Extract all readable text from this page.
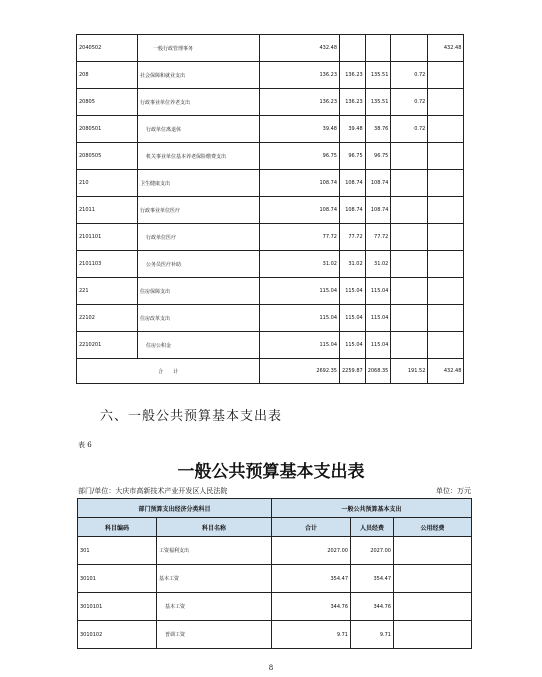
2040502	一般行政管理事务	432.48				432.48
208	社会保障和就业支出	136.23	136.23	135.51	0.72	
20805	行政事业单位养老支出	136.23	136.23	135.51	0.72	
2080501	行政单位离退休	39.48	39.48	38.76	0.72	
2080505	机关事业单位基本养老保险缴费支出	96.75	96.75	96.75		
210	卫生健康支出	108.74	108.74	108.74		
21011	行政事业单位医疗	108.74	108.74	108.74		
2101101	行政单位医疗	77.72	77.72	77.72		
2101103	公务员医疗补助	31.02	31.02	31.02		
221	住房保障支出	115.04	115.04	115.04		
22102	住房改革支出	115.04	115.04	115.04		
2210201	住房公积金	115.04	115.04	115.04		
合　　计		2692.35	2259.87	2068.35	191.52	432.48
六、一般公共预算基本支出表
表 6
一般公共预算基本支出表
部门/单位：大庆市高新技术产业开发区人民法院	单位：万元
部门预算支出经济分类科目		一般公共预算基本支出		
科目编码	科目名称	合计	人员经费	公用经费
301	工资福利支出	2027.00	2027.00	
30101	基本工资	354.47	354.47	
3010101	基本工资	344.76	344.76	
3010102	普调工资	9.71	9.71	
8
